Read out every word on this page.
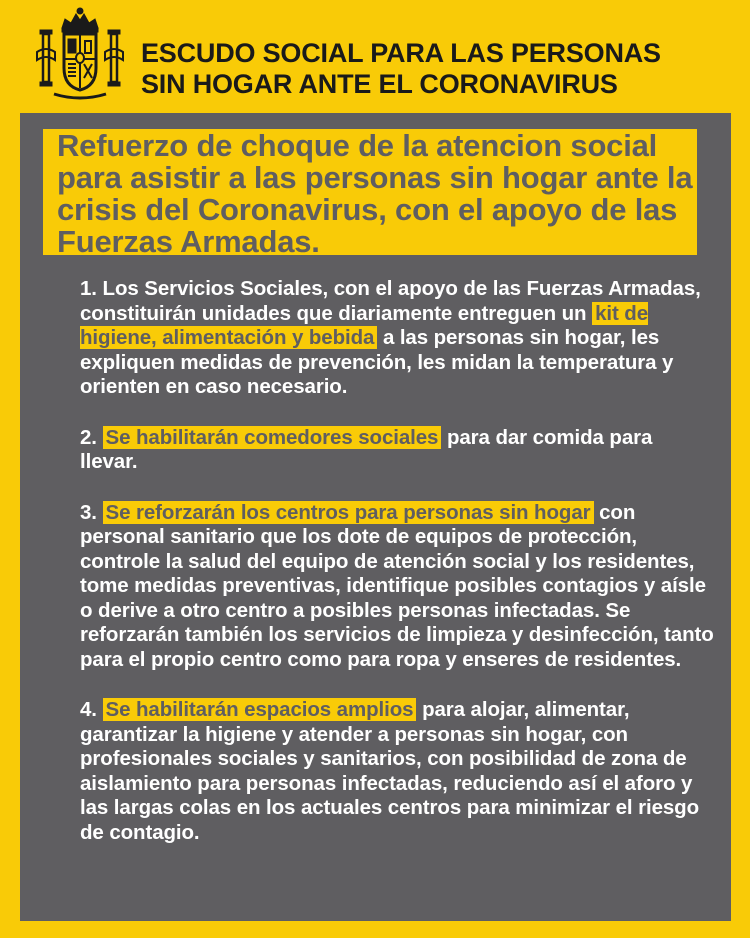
ESCUDO SOCIAL PARA LAS PERSONAS
SIN HOGAR ANTE EL CORONAVIRUS
Refuerzo de choque de la atencion social para asistir a las personas sin hogar ante la crisis del Coronavirus, con el apoyo de las Fuerzas Armadas.

1. Los Servicios Sociales, con el apoyo de las Fuerzas Armadas, constituirán unidades que diariamente entreguen un kit de higiene, alimentación y bebida a las personas sin hogar, les expliquen medidas de prevención, les midan la temperatura y orienten en caso necesario.

2. Se habilitarán comedores sociales para dar comida para llevar.

3. Se reforzarán los centros para personas sin hogar con personal sanitario que los dote de equipos de protección, controle la salud del equipo de atención social y los residentes, tome medidas preventivas, identifique posibles contagios y aísle o derive a otro centro a posibles personas infectadas. Se reforzarán también los servicios de limpieza y desinfección, tanto para el propio centro como para ropa y enseres de residentes.

4. Se habilitarán espacios amplios para alojar, alimentar, garantizar la higiene y atender a personas sin hogar, con profesionales sociales y sanitarios, con posibilidad de zona de aislamiento para personas infectadas, reduciendo así el aforo y las largas colas en los actuales centros para minimizar el riesgo de contagio.
